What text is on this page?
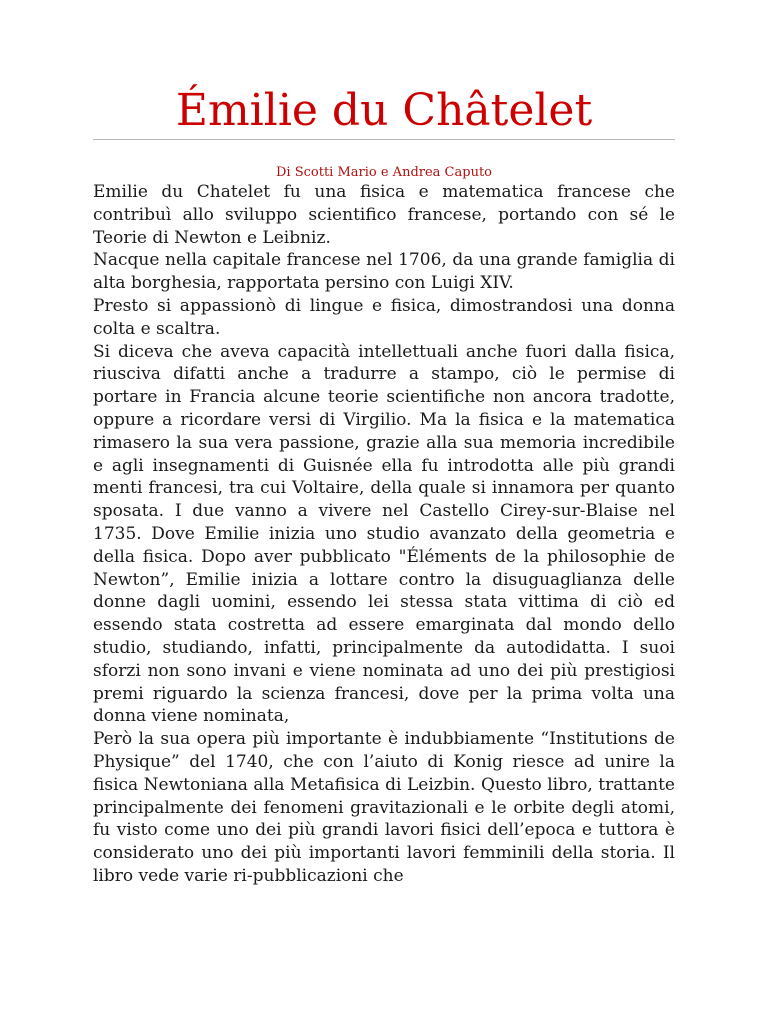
Émilie du Châtelet
Di Scotti Mario e Andrea Caputo

Emilie du Chatelet fu una fisica e matematica francese che contribuì allo sviluppo scientifico francese, portando con sé le Teorie di Newton e Leibniz.

Nacque nella capitale francese nel 1706, da una grande famiglia di alta borghesia, rapportata persino con Luigi XIV.

Presto si appassionò di lingue e fisica, dimostrandosi una donna colta e scaltra.

Si diceva che aveva capacità intellettuali anche fuori dalla fisica, riusciva difatti anche a tradurre a stampo, ciò le permise di portare in Francia alcune teorie scientifiche non ancora tradotte, oppure a ricordare versi di Virgilio. Ma la fisica e la matematica rimasero la sua vera passione, grazie alla sua memoria incredibile e agli insegnamenti di Guisnée ella fu introdotta alle più grandi menti francesi, tra cui Voltaire, della quale si innamora per quanto sposata. I due vanno a vivere nel Castello Cirey-sur-Blaise nel 1735. Dove Emilie inizia uno studio avanzato della geometria e della fisica. Dopo aver pubblicato "Éléments de la philosophie de Newton”, Emilie inizia a lottare contro la disuguaglianza delle donne dagli uomini, essendo lei stessa stata vittima di ciò ed essendo stata costretta ad essere emarginata dal mondo dello studio, studiando, infatti, principalmente da autodidatta. I suoi sforzi non sono invani e viene nominata ad uno dei più prestigiosi premi riguardo la scienza francesi, dove per la prima volta una donna viene nominata,

Però la sua opera più importante è indubbiamente “Institutions de Physique” del 1740, che con l’aiuto di Konig riesce ad unire la fisica Newtoniana alla Metafisica di Leizbin. Questo libro, trattante principalmente dei fenomeni gravitazionali e le orbite degli atomi, fu visto come uno dei più grandi lavori fisici dell’epoca e tuttora è considerato uno dei più importanti lavori femminili della storia. Il libro vede varie ri-pubblicazioni che
